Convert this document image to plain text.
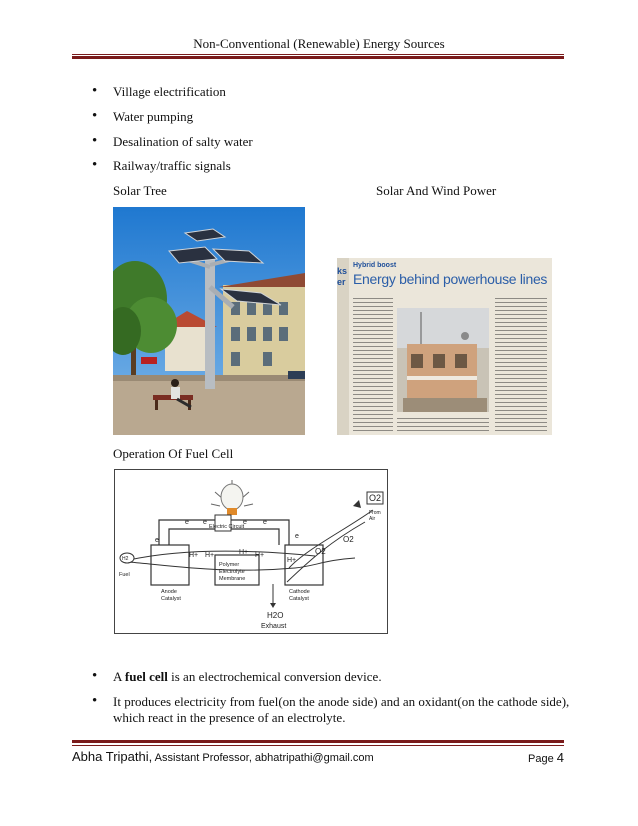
Non-Conventional (Renewable) Energy Sources
• Village electrification
• Water pumping
• Desalination of salty water
• Railway/traffic signals
Solar Tree	Solar And Wind Power
ks
er
Hybrid boost
Energy behind powerhouse lines
Operation Of Fuel Cell
O2
Electric Circuit
e e	e e
e
e
H+ H+	H+ H+
H+
From Air
O2
O2
H2
Fuel
Polymer
Electrolyte
Membrane
Anode
Catalyst
Cathode
Catalyst
H2O
Exhaust
• A fuel cell is an electrochemical conversion device.
• It produces electricity from fuel(on the anode side) and an oxidant(on the cathode side),
which react in the presence of an electrolyte.
Abha Tripathi, Assistant Professor, abhatripathi@gmail.com	Page 4
